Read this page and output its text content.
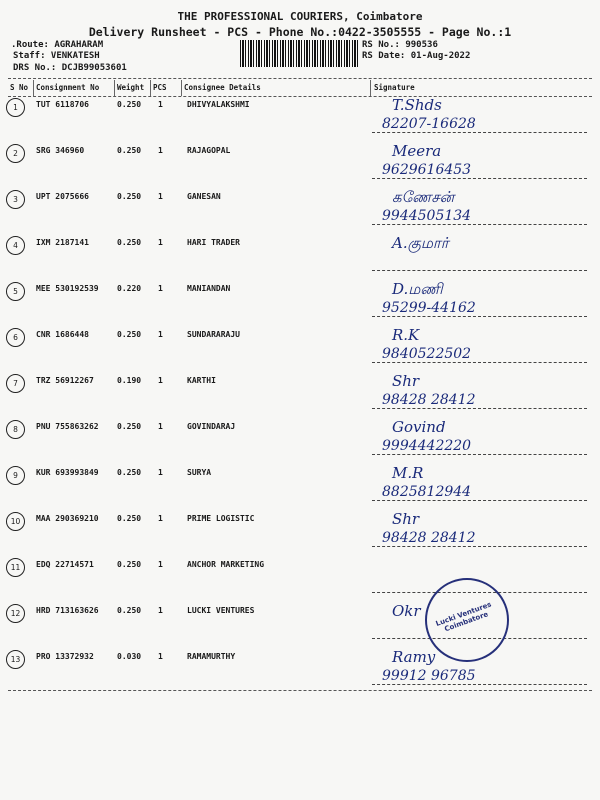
THE PROFESSIONAL COURIERS, Coimbatore
Delivery Runsheet - PCS - Phone No.:0422-3505555 - Page No.:1
.Route: AGRAHARAM
Staff: VENKATESH
DRS No.: DCJB99053601
RS No.: 990536
RS Date: 01-Aug-2022
S No Consignment No Weight PCS Consignee Details	Signature
1	TUT 6118706	0.250 1	DHIVYALAKSHMI	T.Shds
82207-16628
2	SRG 346960	0.250 1	RAJAGOPAL	Meera
9629616453
3	UPT 2075666	0.250 1	GANESAN	கணேசன்
9944505134
4	IXM 2187141	0.250 1	HARI TRADER	A.குமார்
5	MEE 530192539 0.220 1	MANIANDAN	D.மணி
95299-44162
6	CNR 1686448	0.250 1	SUNDARARAJU	R.K
9840522502
7	TRZ 56912267	0.190 1	KARTHI	Shr
98428 28412
8	PNU 755863262 0.250 1	GOVINDARAJ	Govind
9994442220
9	KUR 693993849 0.250 1	SURYA	M.R
8825812944
10	MAA 290369210 0.250 1	PRIME LOGISTIC	Shr
98428 28412
11	EDQ 22714571	0.250 1	ANCHOR MARKETING
12	HRD 713163626 0.250 1	LUCKI VENTURES	Okr
13	PRO 13372932	0.030 1	RAMAMURTHY	Ramy
99912 96785
Lucki Ventures Coimbatore
